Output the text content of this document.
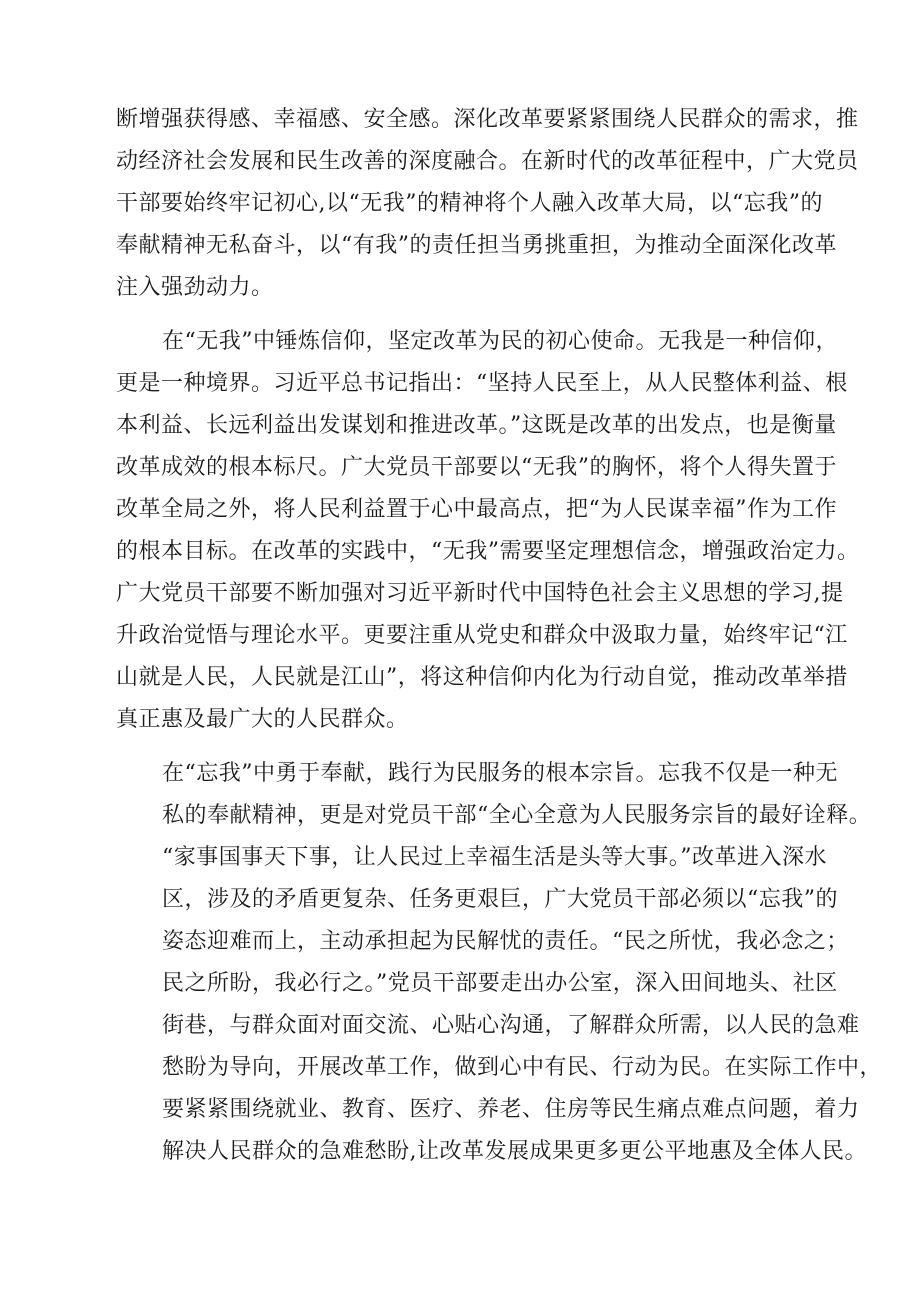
断增强获得感、幸福感、安全感。深化改革要紧紧围绕人民群众的需求，推
动经济社会发展和民生改善的深度融合。在新时代的改革征程中，广大党员
干部要始终牢记初心,以“无我”的精神将个人融入改革大局，以“忘我”的
奉献精神无私奋斗，以“有我”的责任担当勇挑重担，为推动全面深化改革
注入强劲动力。
在“无我”中锤炼信仰，坚定改革为民的初心使命。无我是一种信仰，
更是一种境界。习近平总书记指出：“坚持人民至上，从人民整体利益、根
本利益、长远利益出发谋划和推进改革。”这既是改革的出发点，也是衡量
改革成效的根本标尺。广大党员干部要以“无我”的胸怀，将个人得失置于
改革全局之外，将人民利益置于心中最高点，把“为人民谋幸福”作为工作
的根本目标。在改革的实践中，“无我”需要坚定理想信念，增强政治定力。
广大党员干部要不断加强对习近平新时代中国特色社会主义思想的学习,提
升政治觉悟与理论水平。更要注重从党史和群众中汲取力量，始终牢记“江
山就是人民，人民就是江山”，将这种信仰内化为行动自觉，推动改革举措
真正惠及最广大的人民群众。
在“忘我”中勇于奉献，践行为民服务的根本宗旨。忘我不仅是一种无
私的奉献精神，更是对党员干部“全心全意为人民服务宗旨的最好诠释。
“家事国事天下事，让人民过上幸福生活是头等大事。”改革进入深水
区，涉及的矛盾更复杂、任务更艰巨，广大党员干部必须以“忘我”的
姿态迎难而上，主动承担起为民解忧的责任。“民之所忧，我必念之；
民之所盼，我必行之。”党员干部要走出办公室，深入田间地头、社区
街巷，与群众面对面交流、心贴心沟通，了解群众所需，以人民的急难
愁盼为导向，开展改革工作，做到心中有民、行动为民。在实际工作中，
要紧紧围绕就业、教育、医疗、养老、住房等民生痛点难点问题，着力
解决人民群众的急难愁盼,让改革发展成果更多更公平地惠及全体人民。
